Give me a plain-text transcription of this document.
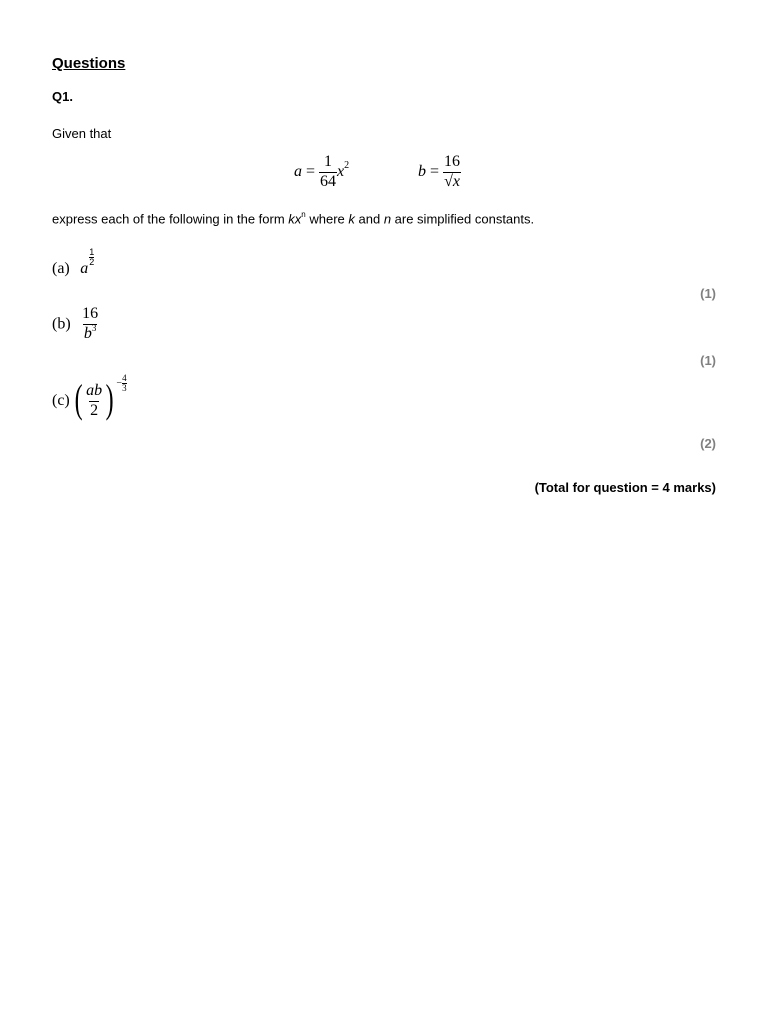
Questions
Q1.
Given that
$a = \frac{1}{64} x^2$	$b = \frac{16}{√x}$
express each of the following in the form $kx^n$ where k and n are simplified constants.
(a) a
$\frac{1}{2}$
(1)
$(b) \frac{16}{b^3}$
(1)
(c) ( $\frac{ab}{2}$ ) − $\frac{4}{3}$
(2)
(Total for question = 4 marks)
